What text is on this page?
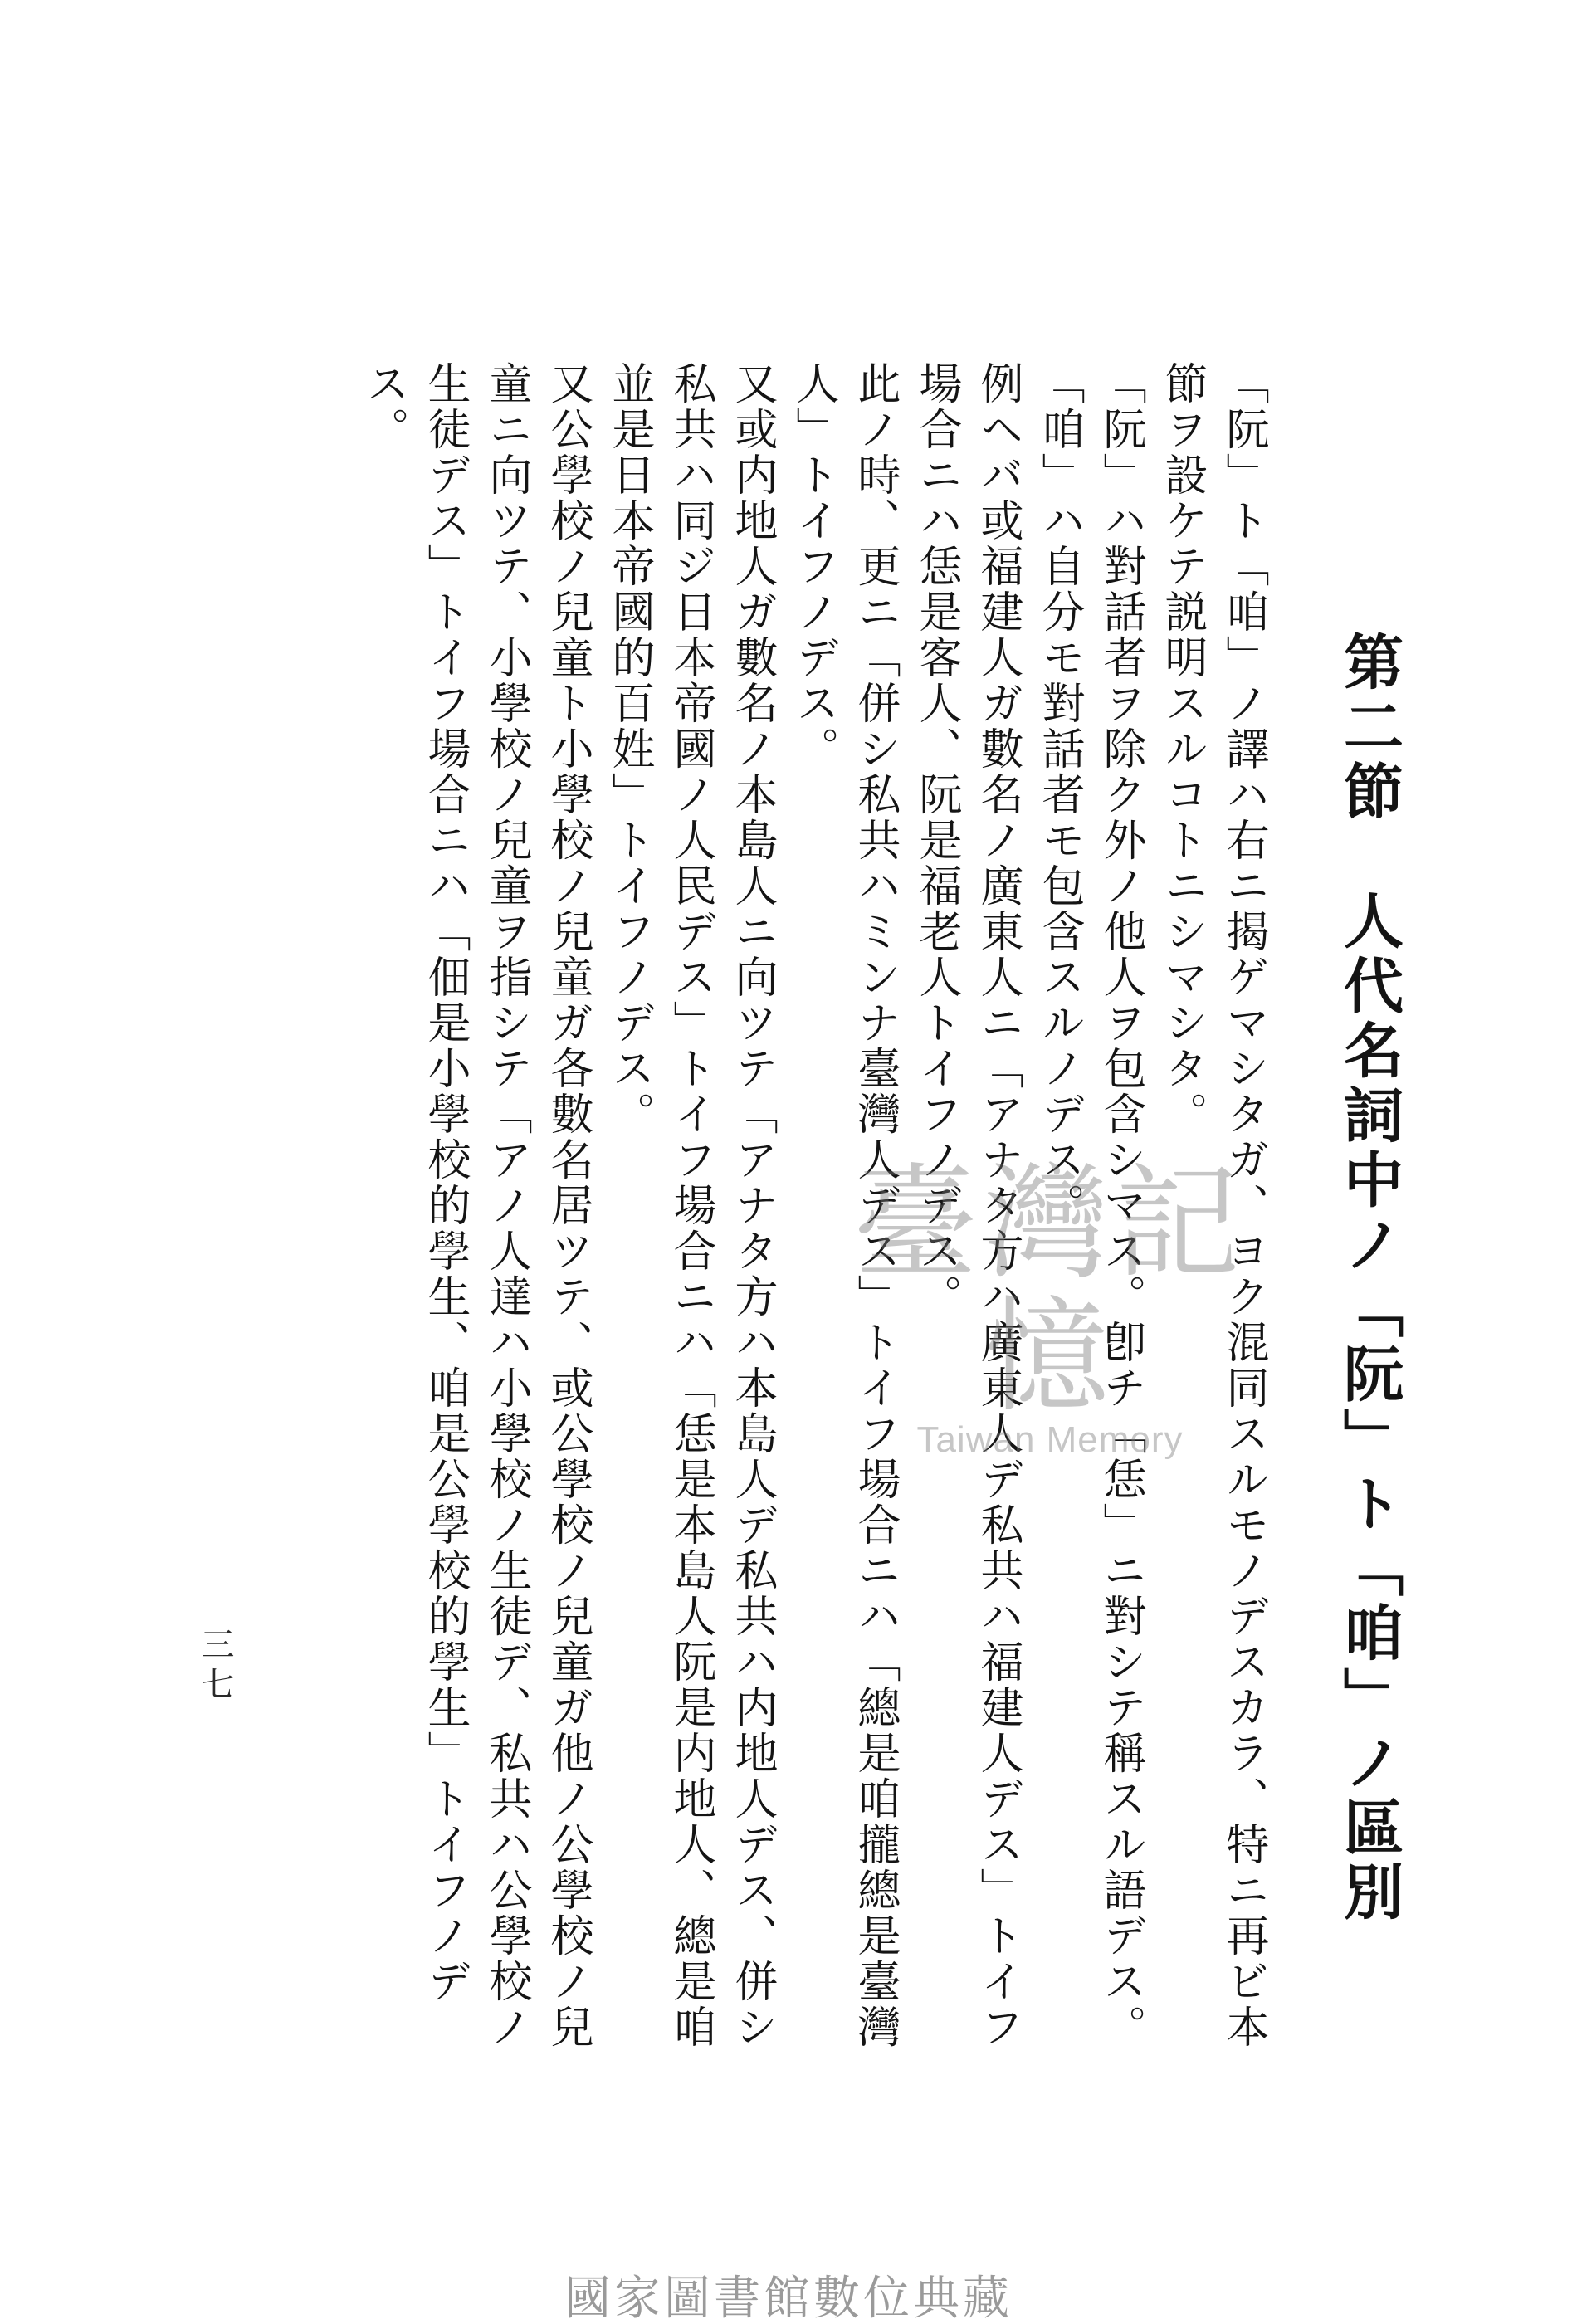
第二節　人代名詞中ノ「阮」ト「咱」ノ區別

「阮」ト「咱」ノ譯ハ右ニ揭ゲマシタガ、ヨク混同スルモノデスカラ、特ニ再ビ本節ヲ設ケテ説明スルコトニシマシタ。

「阮」ハ對話者ヲ除ク外ノ他人ヲ包含シマス。卽チ「恁」ニ對シテ稱スル語デス。

「咱」ハ自分モ對話者モ包含スルノデス。

例ヘバ或福建人ガ數名ノ廣東人ニ「アナタ方ハ廣東人デ私共ハ福建人デス」トイフ場合ニハ恁是客人、阮是福老人トイフノデス。

此ノ時、更ニ「併シ私共ハミンナ臺灣人デス」トイフ場合ニハ「總是咱攏總是臺灣人」トイフノデス。

又或内地人ガ數名ノ本島人ニ向ツテ「アナタ方ハ本島人デ私共ハ内地人デス、併シ私共ハ同ジ日本帝國ノ人民デス」トイフ場合ニハ「恁是本島人阮是内地人、總是咱並是日本帝國的百姓」トイフノデス。

又公學校ノ兒童ト小學校ノ兒童ガ各數名居ツテ、或公學校ノ兒童ガ他ノ公學校ノ兒童ニ向ツテ、小學校ノ兒童ヲ指シテ「アノ人達ハ小學校ノ生徒デ、私共ハ公學校ノ生徒デス」トイフ場合ニハ「佃是小學校的學生、咱是公學校的學生」トイフノデス。

三七
臺灣記憶
Taiwan Memory
國家圖書館數位典藏
